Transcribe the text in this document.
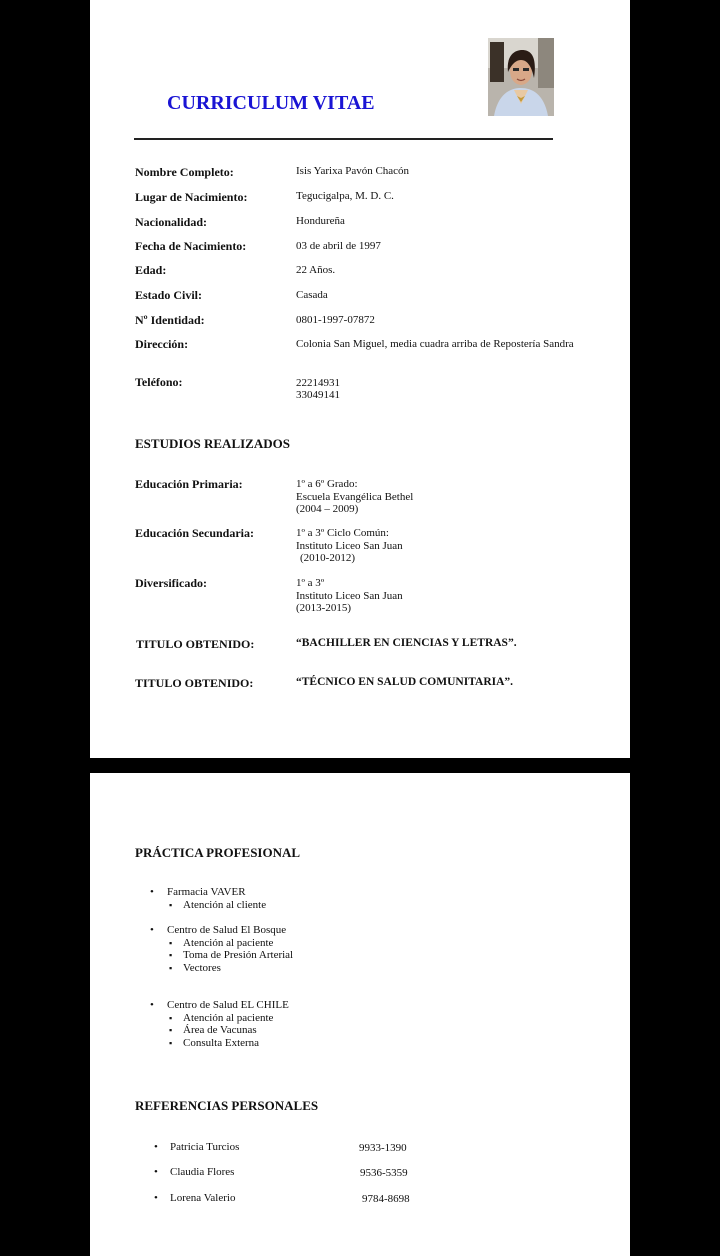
CURRICULUM VITAE
Nombre Completo:	Isis Yarixa Pavón Chacón
Lugar de Nacimiento:	Tegucigalpa, M. D. C.
Nacionalidad:	Hondureña
Fecha de Nacimiento:	03 de abril de 1997
Edad:	22 Años.
Estado Civil:	Casada
Nº Identidad:	0801-1997-07872
Dirección:	Colonia San Miguel, media cuadra arriba de Repostería Sandra
Teléfono:	22214931
33049141
ESTUDIOS REALIZADOS
Educación Primaria:	1º a 6º Grado:
Escuela Evangélica Bethel
(2004 – 2009)
Educación Secundaria:	1º a 3º Ciclo Común:
Instituto Liceo San Juan
(2010-2012)
Diversificado:	1º a 3º
Instituto Liceo San Juan
(2013-2015)
TITULO OBTENIDO:	“BACHILLER EN CIENCIAS Y LETRAS”.
TITULO OBTENIDO:	“TÉCNICO EN SALUD COMUNITARIA”.
PRÁCTICA PROFESIONAL
• Farmacia VAVER
▪ Atención al cliente
• Centro de Salud El Bosque
▪ Atención al paciente
▪ Toma de Presión Arterial
▪ Vectores
• Centro de Salud EL CHILE
▪ Atención al paciente
▪ Área de Vacunas
▪ Consulta Externa
REFERENCIAS PERSONALES
• Patricia Turcios	9933-1390
• Claudia Flores	9536-5359
• Lorena Valerio	9784-8698
